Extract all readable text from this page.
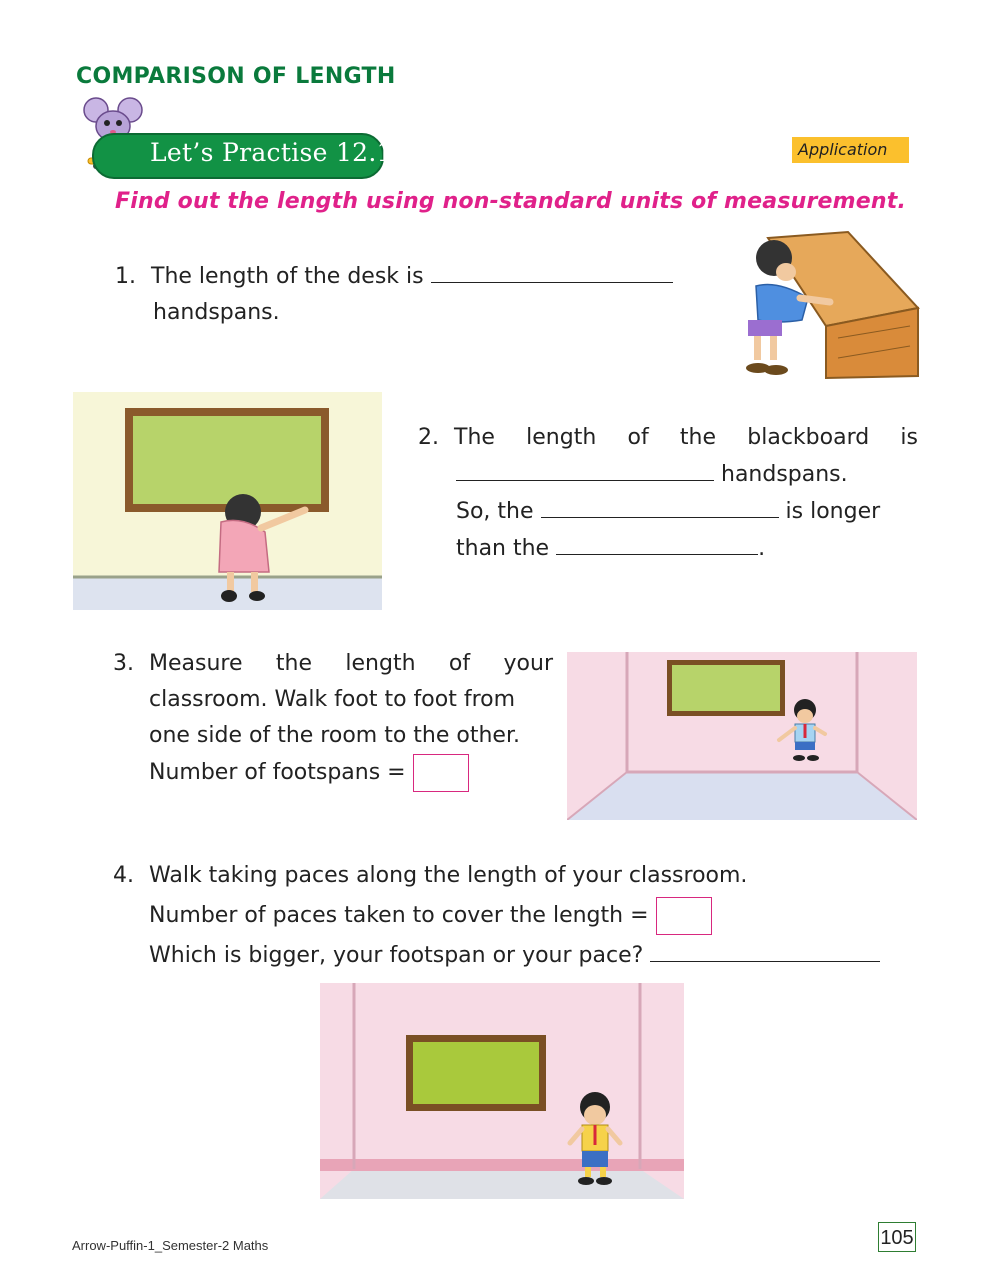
COMPARISON OF LENGTH
Let’s Practise 12.1	Application
Find out the length using non-standard units of measurement.
1. The length of the desk is
handspans.
2. The length of the blackboard is
handspans.
So, the	is longer
than the	.
3. Measure the length of your
classroom. Walk foot to foot from
one side of the room to the other.
Number of footspans =
4. Walk taking paces along the length of your classroom.
Number of paces taken to cover the length =
Which is bigger, your footspan or your pace?
Arrow-Puffin-1_Semester-2 Maths	105
